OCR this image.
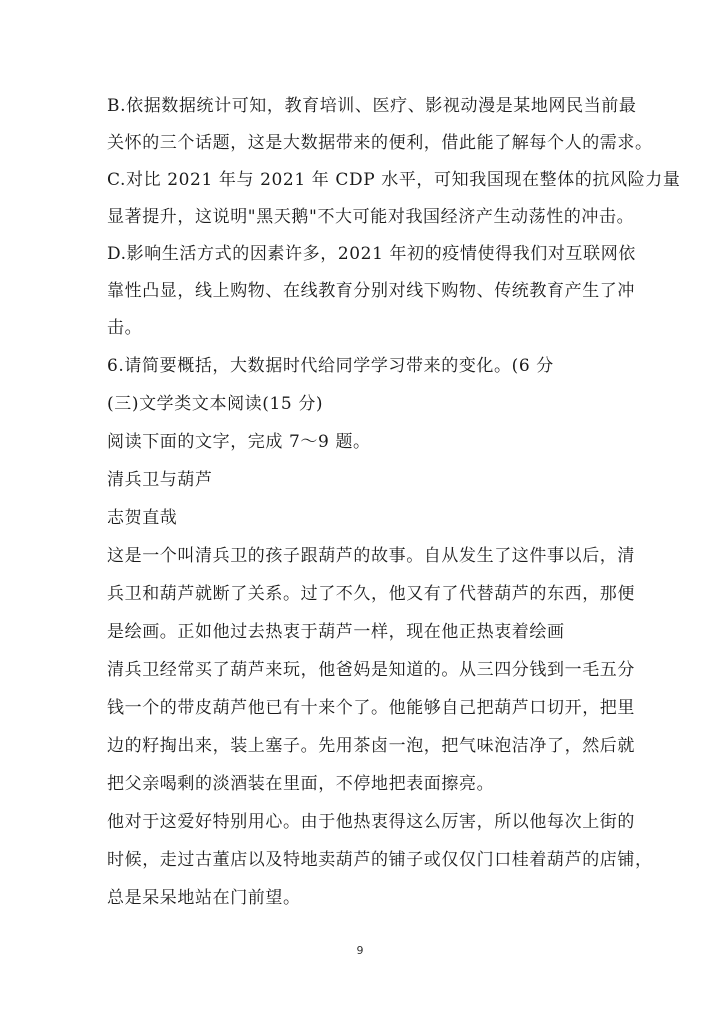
B.依据数据统计可知，教育培训、医疗、影视动漫是某地网民当前最
关怀的三个话题，这是大数据带来的便利，借此能了解每个人的需求。
C.对比 2021 年与 2021 年 CDP 水平，可知我国现在整体的抗风险力量
显著提升，这说明"黑天鹅"不大可能对我国经济产生动荡性的冲击。
D.影响生活方式的因素许多，2021 年初的疫情使得我们对互联网依
靠性凸显，线上购物、在线教育分别对线下购物、传统教育产生了冲
击。
6.请简要概括，大数据时代给同学学习带来的变化。(6 分
(三)文学类文本阅读(15 分)
阅读下面的文字，完成 7～9 题。
清兵卫与葫芦
志贺直哉
这是一个叫清兵卫的孩子跟葫芦的故事。自从发生了这件事以后，清
兵卫和葫芦就断了关系。过了不久，他又有了代替葫芦的东西，那便
是绘画。正如他过去热衷于葫芦一样，现在他正热衷着绘画
清兵卫经常买了葫芦来玩，他爸妈是知道的。从三四分钱到一毛五分
钱一个的带皮葫芦他已有十来个了。他能够自己把葫芦口切开，把里
边的籽掏出来，装上塞子。先用茶卤一泡，把气味泡洁净了，然后就
把父亲喝剩的淡酒装在里面，不停地把表面擦亮。
他对于这爱好特别用心。由于他热衷得这么厉害，所以他每次上街的
时候，走过古董店以及特地卖葫芦的铺子或仅仅门口桂着葫芦的店铺，
总是呆呆地站在门前望。
9
